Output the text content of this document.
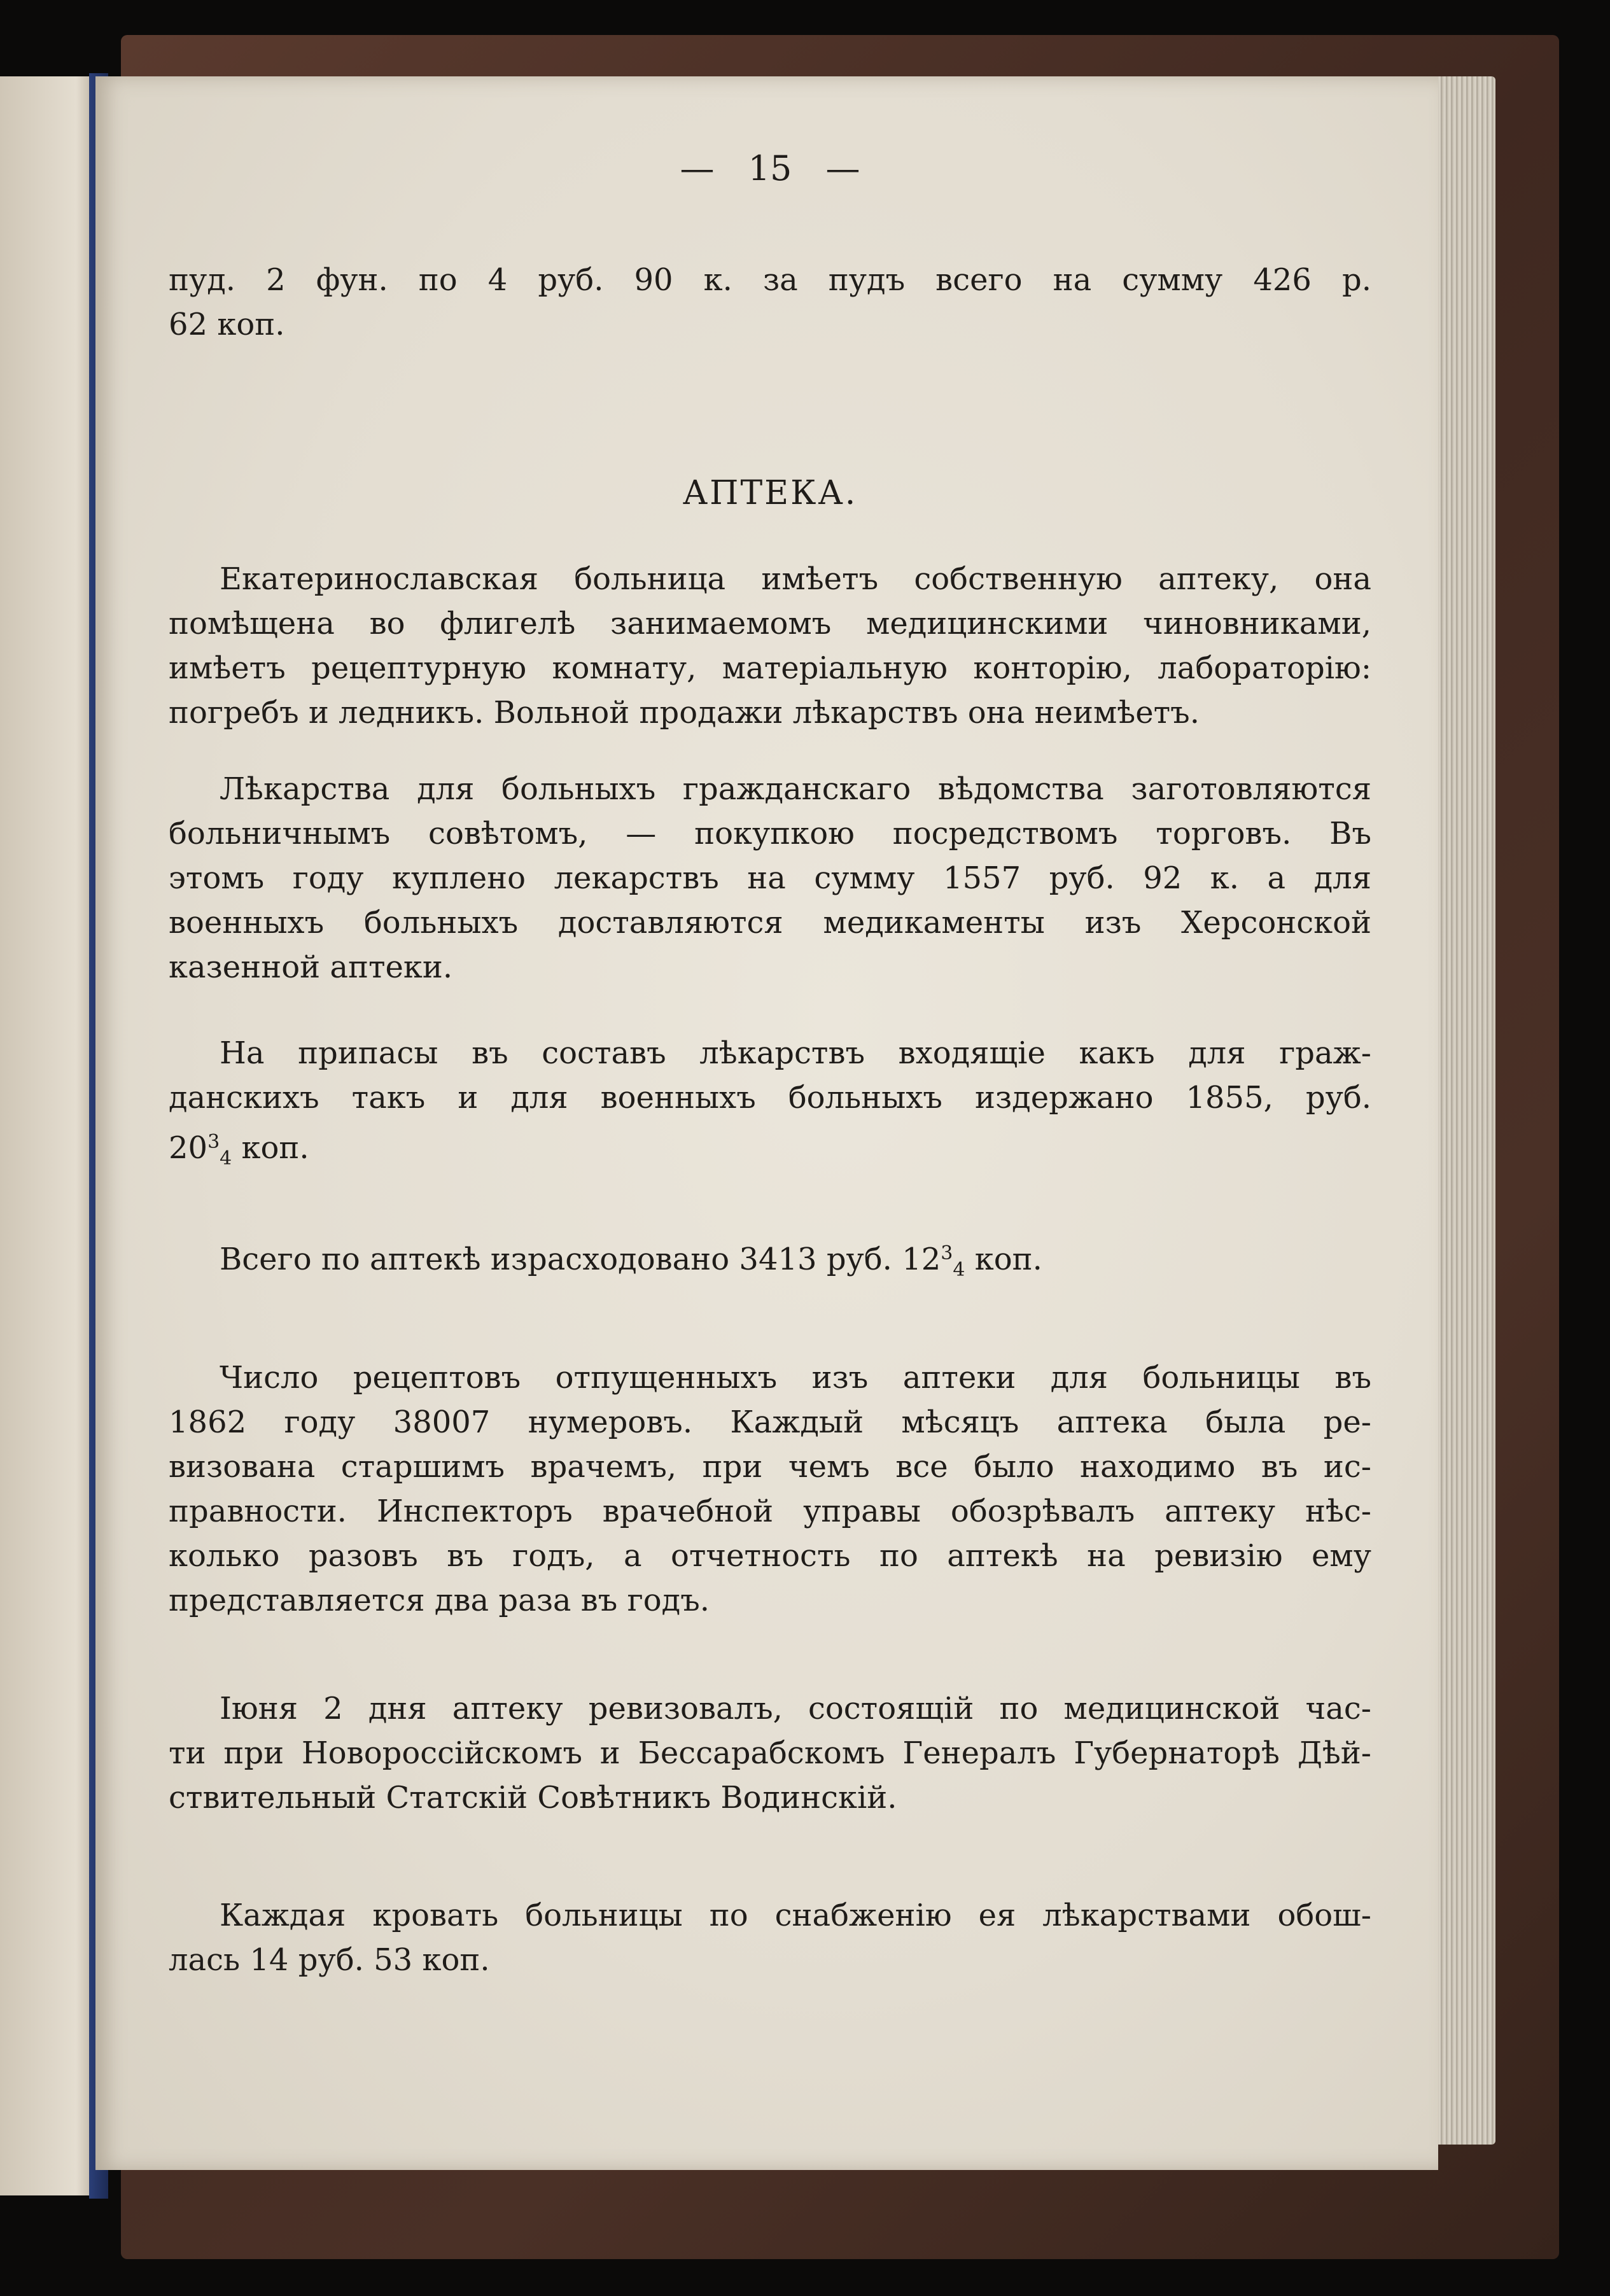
— 15 —

пуд. 2 фун. по 4 руб. 90 к. за пудъ всего на сумму 426 р.

62 коп.

АПТЕКА.

Екатеринославская больница имѣетъ собственную аптеку, она

помѣщена во флигелѣ занимаемомъ медицинскими чиновниками,

имѣетъ рецептурную комнату, матеріальную конторію, лабораторію:

погребъ и ледникъ. Вольной продажи лѣкарствъ она неимѣетъ.

Лѣкарства для больныхъ гражданскаго вѣдомства заготовляются

больничнымъ совѣтомъ, — покупкою посредствомъ торговъ. Въ

этомъ году куплено лекарствъ на сумму 1557 руб. 92 к. а для

военныхъ больныхъ доставляются медикаменты изъ Херсонской

казенной аптеки.

На припасы въ составъ лѣкарствъ входящіе какъ для граж-

данскихъ такъ и для военныхъ больныхъ издержано 1855, руб.

$20^3_4$ коп.

Всего по аптекѣ израсходовано 3413 руб. $12^3_4$ коп.

Число рецептовъ отпущенныхъ изъ аптеки для больницы въ

1862 году 38007 нумеровъ. Каждый мѣсяцъ аптека была ре-

визована старшимъ врачемъ, при чемъ все было находимо въ ис-

правности. Инспекторъ врачебной управы обозрѣвалъ аптеку нѣс-

колько разовъ въ годъ, а отчетность по аптекѣ на ревизію ему

представляется два раза въ годъ.

Іюня 2 дня аптеку ревизовалъ, состоящій по медицинской час-

ти при Новороссійскомъ и Бессарабскомъ Генералъ Губернаторѣ Дѣй-

ствительный Статскій Совѣтникъ Водинскій.

Каждая кровать больницы по снабженію ея лѣкарствами обош-

лась 14 руб. 53 коп.
